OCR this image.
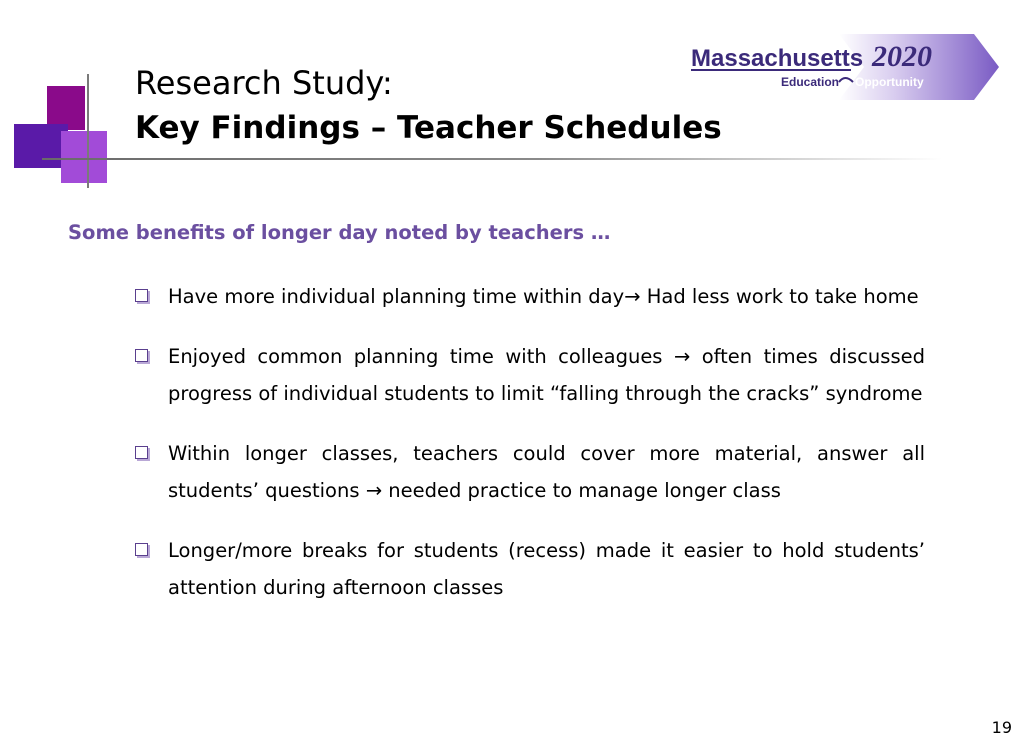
Research Study:
Key Findings – Teacher Schedules
Massachusetts 2020
Education Opportunity
Some benefits of longer day noted by teachers …
Have more individual planning time within day→ Had less work to take home
Enjoyed common planning time with colleagues → often times discussed progress of individual students to limit “falling through the cracks” syndrome
Within longer classes, teachers could cover more material, answer all students’ questions → needed practice to manage longer class
Longer/more breaks for students (recess) made it easier to hold students’ attention during afternoon classes
19
